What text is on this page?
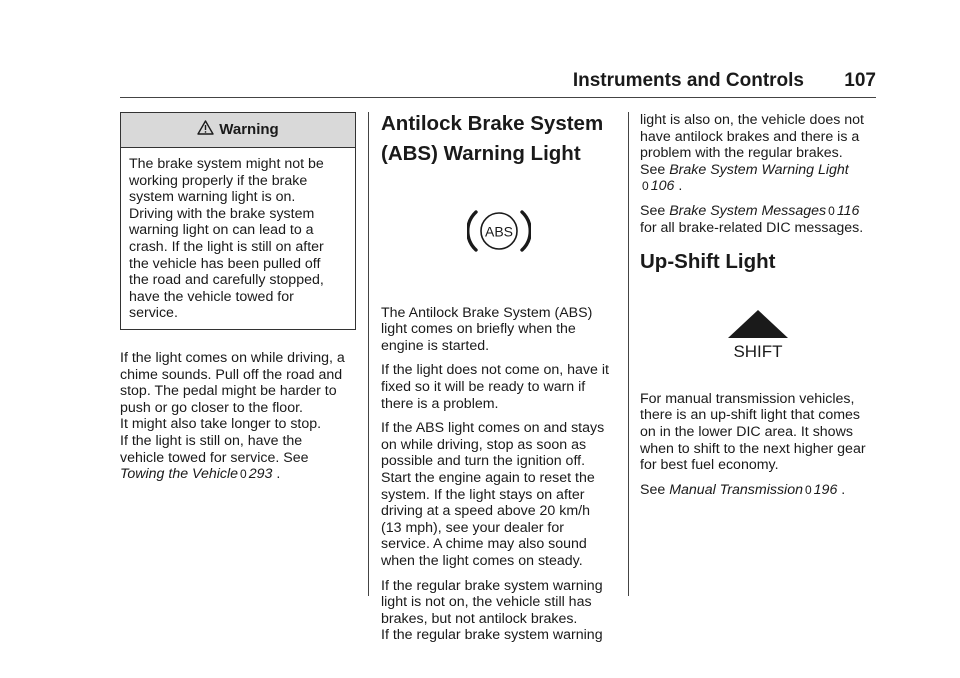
Instruments and Controls	107
Warning
The brake system might not be
working properly if the brake
system warning light is on.
Driving with the brake system
warning light on can lead to a
crash. If the light is still on after
the vehicle has been pulled off
the road and carefully stopped,
have the vehicle towed for
service.
If the light comes on while driving, a
chime sounds. Pull off the road and
stop. The pedal might be harder to
push or go closer to the floor.
It might also take longer to stop.
If the light is still on, have the
vehicle towed for service. See
Towing the Vehicle 0 293 .
Antilock Brake System
(ABS) Warning Light
ABS

The Antilock Brake System (ABS)
light comes on briefly when the
engine is started.

If the light does not come on, have it
fixed so it will be ready to warn if
there is a problem.

If the ABS light comes on and stays
on while driving, stop as soon as
possible and turn the ignition off.
Start the engine again to reset the
system. If the light stays on after
driving at a speed above 20 km/h
(13 mph), see your dealer for
service. A chime may also sound
when the light comes on steady.

If the regular brake system warning
light is not on, the vehicle still has
brakes, but not antilock brakes.
If the regular brake system warning

light is also on, the vehicle does not
have antilock brakes and there is a
problem with the regular brakes.
See Brake System Warning Light
0 106 .

See Brake System Messages 0 116
for all brake-related DIC messages.

Up-Shift Light
SHIFT

For manual transmission vehicles,
there is an up-shift light that comes
on in the lower DIC area. It shows
when to shift to the next higher gear
for best fuel economy.

See Manual Transmission 0 196 .
